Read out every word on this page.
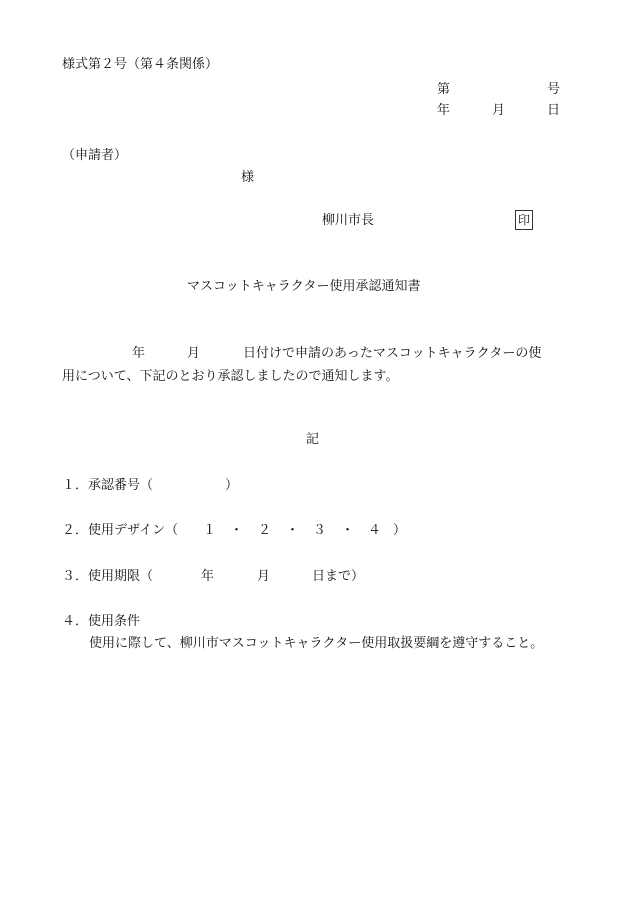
様式第２号（第４条関係）
第	号
年	月	日
（申請者）
様
柳川市長	印
マスコットキャラクター使用承認通知書
年	月	日付けで申請のあったマスコットキャラクターの使
用について、下記のとおり承認しましたので通知します。
記
１．承認番号（	）
２．使用デザイン（ １ ・ ２ ・ ３ ・ ４ ）
３．使用期限（	年	月	日まで）
４．使用条件
使用に際して、柳川市マスコットキャラクター使用取扱要綱を遵守すること。
